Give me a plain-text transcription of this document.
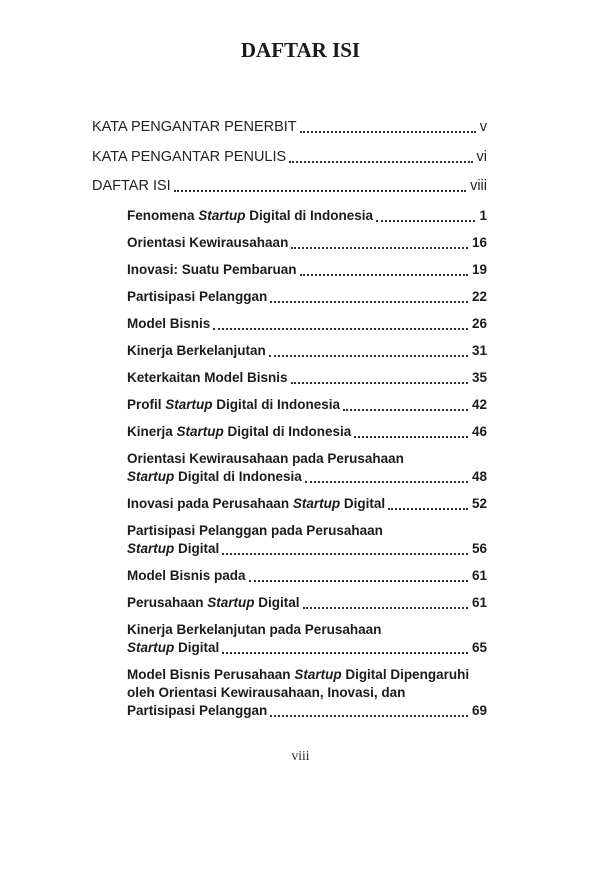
DAFTAR ISI
KATA PENGANTAR PENERBIT	v
KATA PENGANTAR PENULIS	vi
DAFTAR ISI	viii
Fenomena Startup Digital di Indonesia	1
Orientasi Kewirausahaan	16
Inovasi: Suatu Pembaruan	19
Partisipasi Pelanggan	22
Model Bisnis	26
Kinerja Berkelanjutan	31
Keterkaitan Model Bisnis	35
Profil Startup Digital di Indonesia	42
Kinerja Startup Digital di Indonesia	46
Orientasi Kewirausahaan pada Perusahaan
Startup Digital di Indonesia	48
Inovasi pada Perusahaan Startup Digital	52
Partisipasi Pelanggan pada Perusahaan
Startup Digital	56
Model Bisnis pada	61
Perusahaan Startup Digital	61
Kinerja Berkelanjutan pada Perusahaan
Startup Digital	65
Model Bisnis Perusahaan Startup Digital Dipengaruhi
oleh Orientasi Kewirausahaan, Inovasi, dan
Partisipasi Pelanggan	69
viii
